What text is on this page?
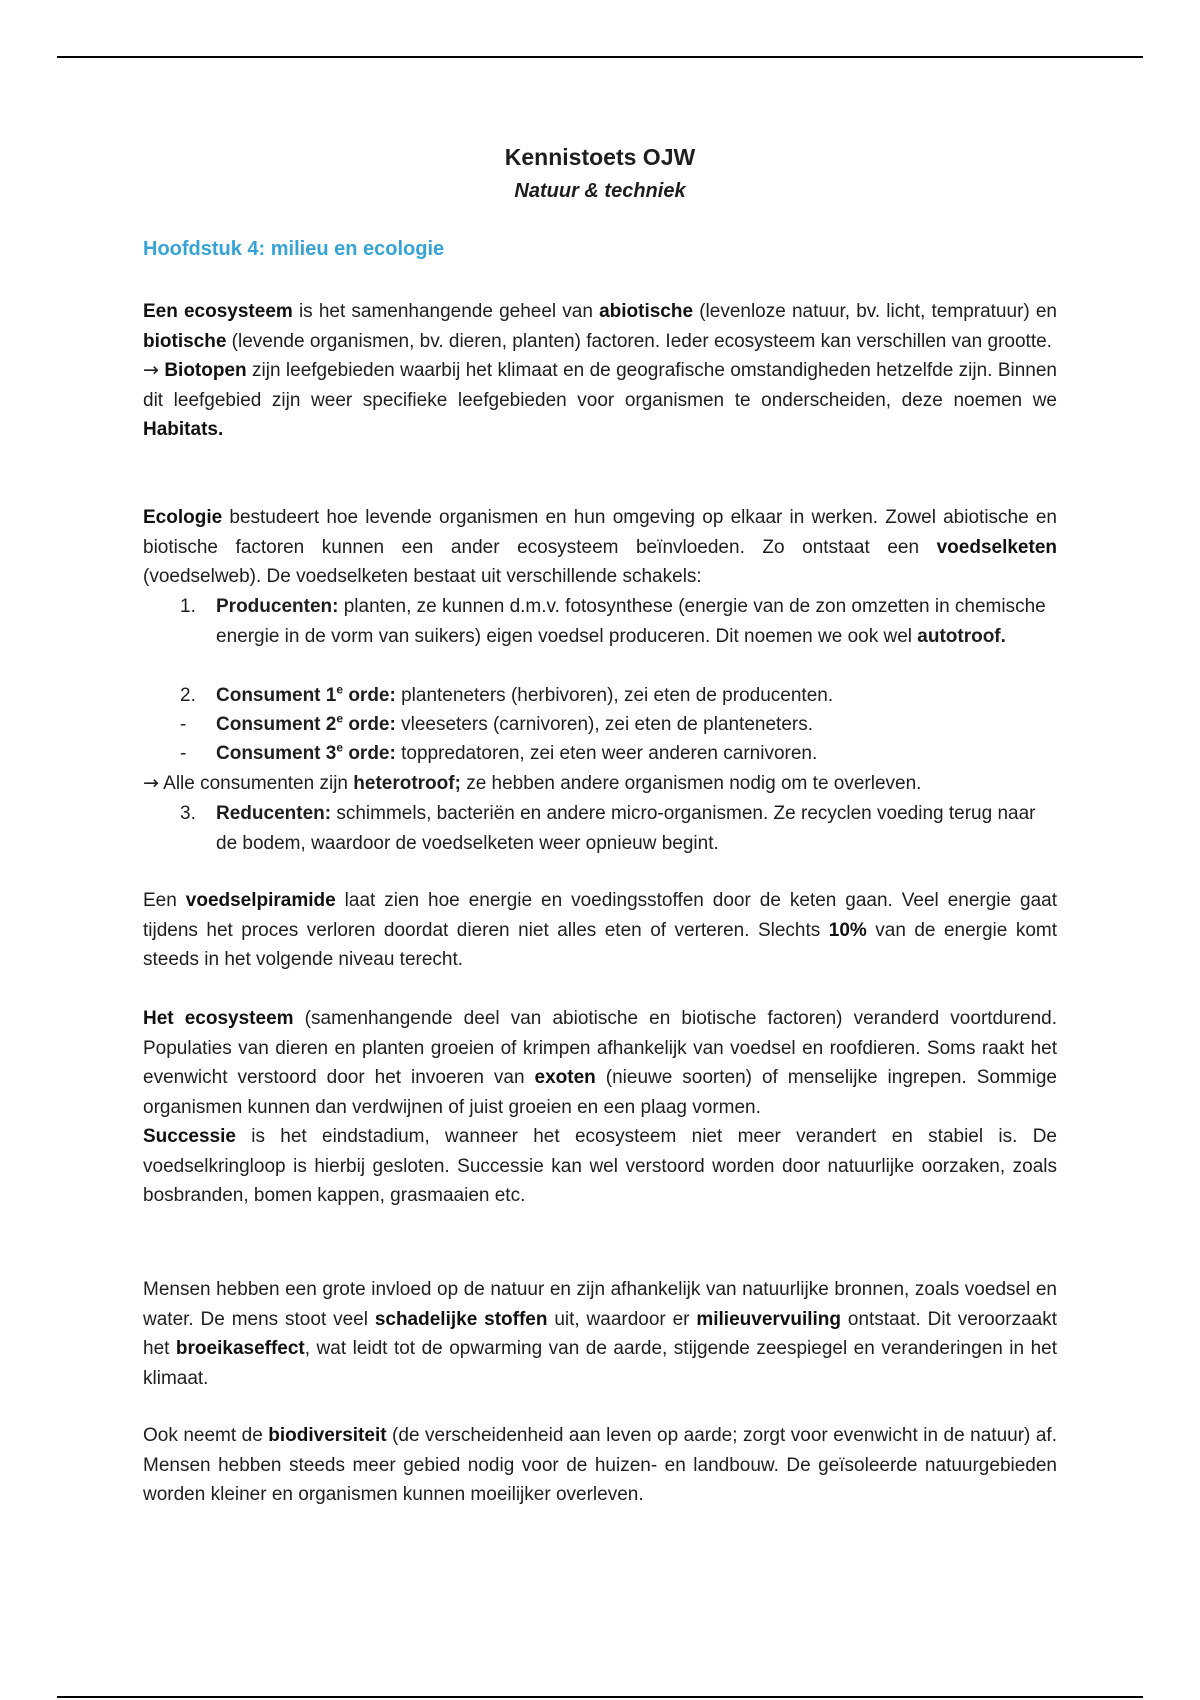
Kennistoets OJW
Natuur & techniek
Hoofdstuk 4: milieu en ecologie

Een ecosysteem is het samenhangende geheel van abiotische (levenloze natuur, bv. licht, tempratuur) en biotische (levende organismen, bv. dieren, planten) factoren. Ieder ecosysteem kan verschillen van grootte.
→ Biotopen zijn leefgebieden waarbij het klimaat en de geografische omstandigheden hetzelfde zijn. Binnen dit leefgebied zijn weer specifieke leefgebieden voor organismen te onderscheiden, deze noemen we Habitats.

Ecologie bestudeert hoe levende organismen en hun omgeving op elkaar in werken. Zowel abiotische en biotische factoren kunnen een ander ecosysteem beïnvloeden. Zo ontstaat een voedselketen (voedselweb). De voedselketen bestaat uit verschillende schakels:

1.	Producenten: planten, ze kunnen d.m.v. fotosynthese (energie van de zon omzetten in chemische energie in de vorm van suikers) eigen voedsel produceren. Dit noemen we ook wel autotroof.
2.	Consument 1e orde: planteneters (herbivoren), zei eten de producenten.
-	Consument 2e orde: vleeseters (carnivoren), zei eten de planteneters.
-	Consument 3e orde: toppredatoren, zei eten weer anderen carnivoren.
→ Alle consumenten zijn heterotroof; ze hebben andere organismen nodig om te overleven.
3.	Reducenten: schimmels, bacteriën en andere micro-organismen. Ze recyclen voeding terug naar de bodem, waardoor de voedselketen weer opnieuw begint.

Een voedselpiramide laat zien hoe energie en voedingsstoffen door de keten gaan. Veel energie gaat tijdens het proces verloren doordat dieren niet alles eten of verteren. Slechts 10% van de energie komt steeds in het volgende niveau terecht.

Het ecosysteem (samenhangende deel van abiotische en biotische factoren) veranderd voortdurend. Populaties van dieren en planten groeien of krimpen afhankelijk van voedsel en roofdieren. Soms raakt het evenwicht verstoord door het invoeren van exoten (nieuwe soorten) of menselijke ingrepen. Sommige organismen kunnen dan verdwijnen of juist groeien en een plaag vormen.
Successie is het eindstadium, wanneer het ecosysteem niet meer verandert en stabiel is. De voedselkringloop is hierbij gesloten. Successie kan wel verstoord worden door natuurlijke oorzaken, zoals bosbranden, bomen kappen, grasmaaien etc.

Mensen hebben een grote invloed op de natuur en zijn afhankelijk van natuurlijke bronnen, zoals voedsel en water. De mens stoot veel schadelijke stoffen uit, waardoor er milieuvervuiling ontstaat. Dit veroorzaakt het broeikaseffect, wat leidt tot de opwarming van de aarde, stijgende zeespiegel en veranderingen in het klimaat.

Ook neemt de biodiversiteit (de verscheidenheid aan leven op aarde; zorgt voor evenwicht in de natuur) af. Mensen hebben steeds meer gebied nodig voor de huizen- en landbouw. De geïsoleerde natuurgebieden worden kleiner en organismen kunnen moeilijker overleven.
